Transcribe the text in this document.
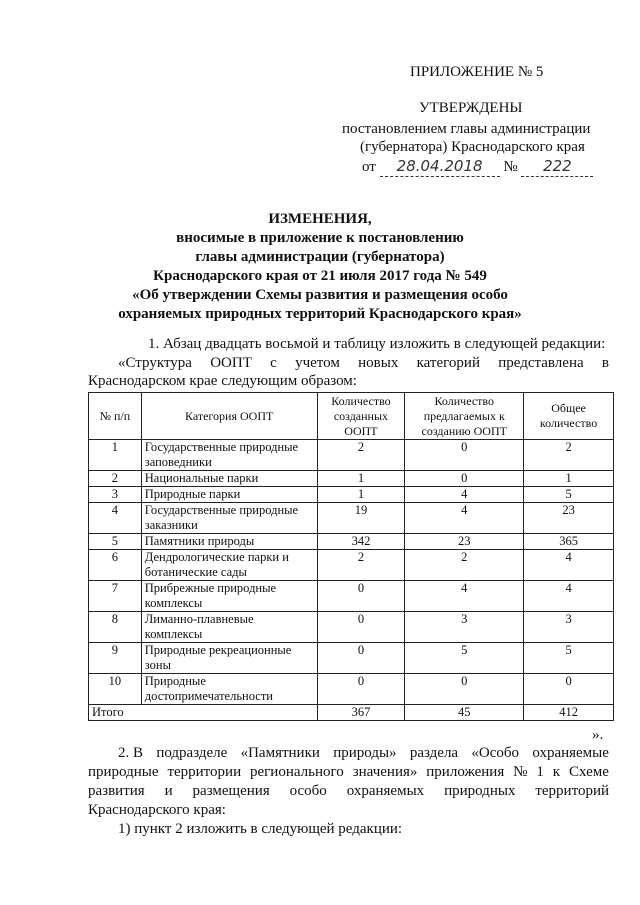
ПРИЛОЖЕНИЕ № 5
УТВЕРЖДЕНЫ
постановлением главы администрации
(губернатора) Краснодарского края
от 28.04.2018 № 222
ИЗМЕНЕНИЯ,
вносимые в приложение к постановлению
главы администрации (губернатора)
Краснодарского края от 21 июля 2017 года № 549
«Об утверждении Схемы развития и размещения особо
охраняемых природных территорий Краснодарского края»
1. Абзац двадцать восьмой и таблицу изложить в следующей редакции:
«Структура ООПТ с учетом новых категорий представлена в
Краснодарском крае следующим образом:
№ п/п	Категория ООПТ	Количество созданных ООПТ	Количество предлагаемых к созданию ООПТ	Общее количество
1	Государственные природные заповедники	2	0	2
2	Национальные парки	1	0	1
3	Природные парки	1	4	5
4	Государственные природные заказники	19	4	23
5	Памятники природы	342	23	365
6	Дендрологические парки и ботанические сады	2	2	4
7	Прибрежные природные комплексы	0	4	4
8	Лиманно-плавневые комплексы	0	3	3
9	Природные рекреационные зоны	0	5	5
10	Природные достопримечательности	0	0	0
Итого		367	45	412
».
2. В подразделе «Памятники природы» раздела «Особо охраняемые
природные территории регионального значения» приложения № 1 к Схеме
развития и размещения особо охраняемых природных территорий
Краснодарского края:
1) пункт 2 изложить в следующей редакции:
